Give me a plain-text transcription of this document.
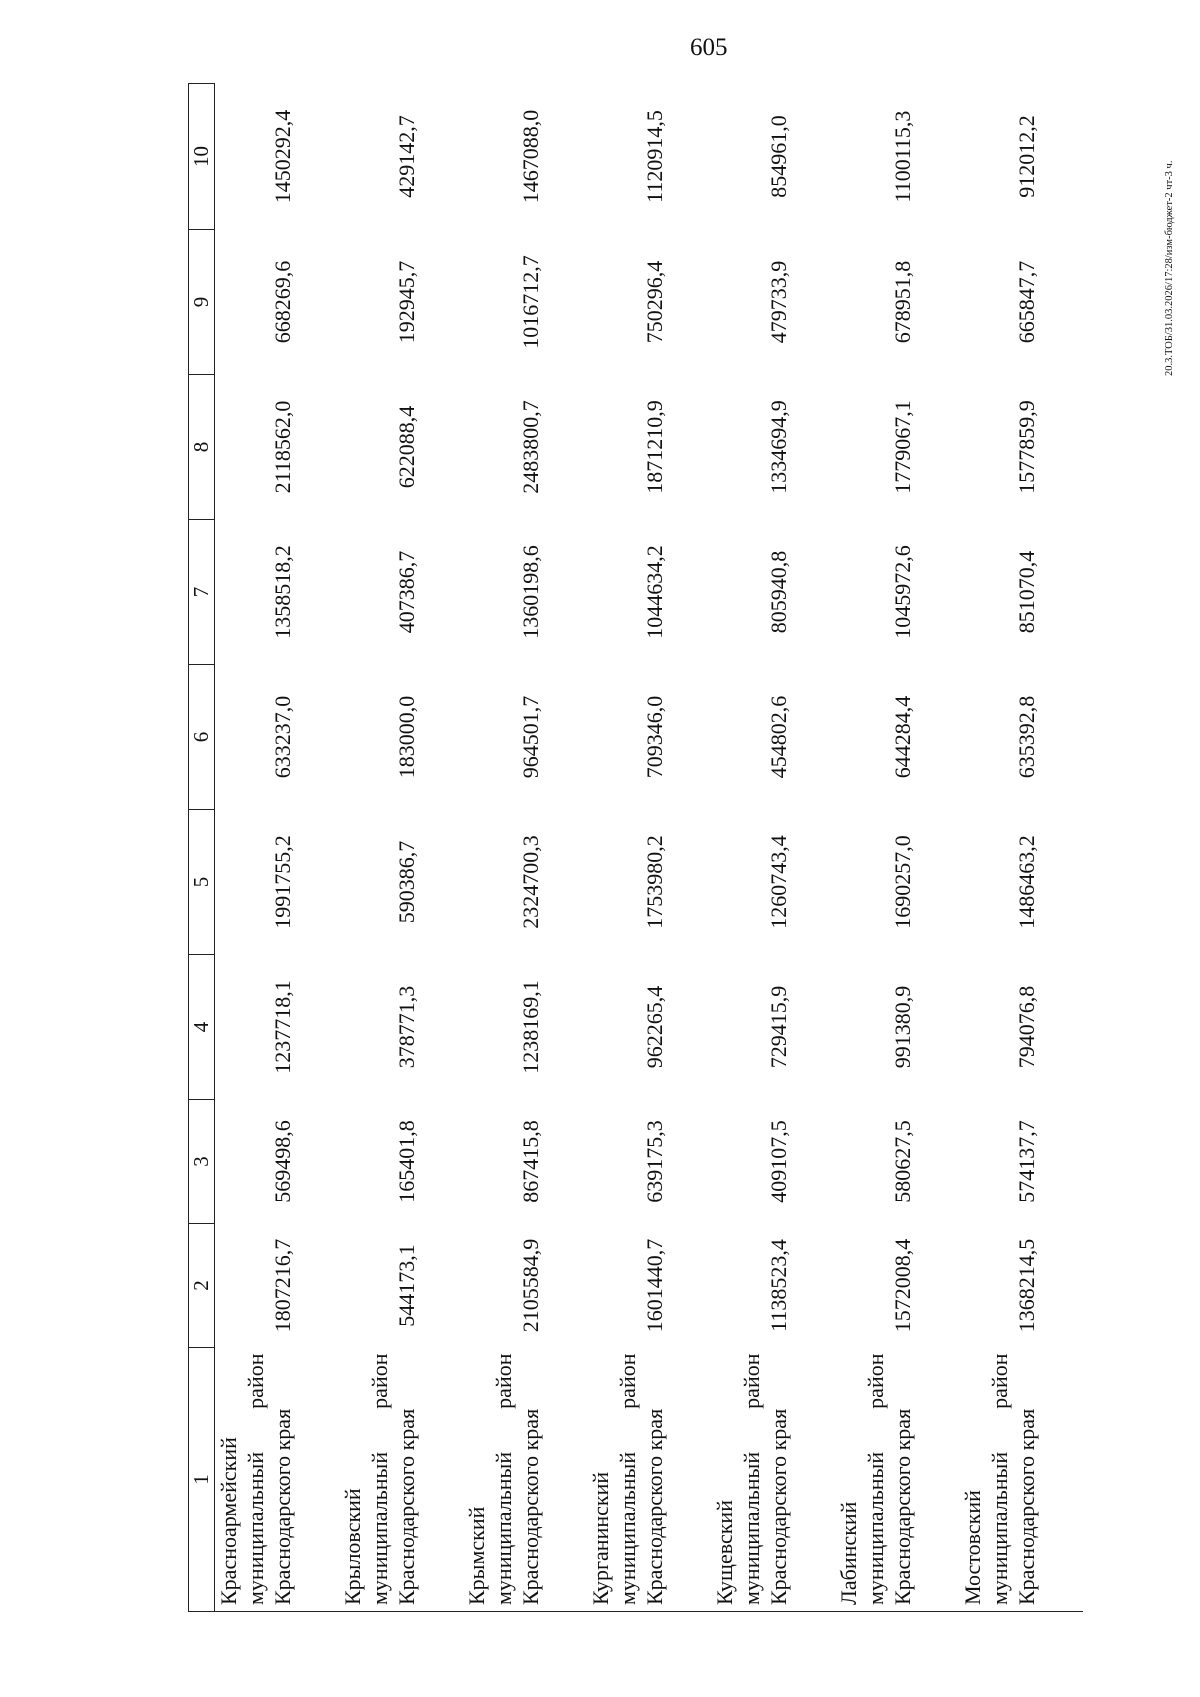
605
20.3.ТОБ/31.03.2026/17:28/изм-бюджет-2 чт-3 ч.
1	2	3	4	5	6	7	8	9	10
Красноармейский муниципальный район Краснодарского края	1807216,7	569498,6	1237718,1	1991755,2	633237,0	1358518,2	2118562,0	668269,6	1450292,4
Крыловский муниципальный район Краснодарского края	544173,1	165401,8	378771,3	590386,7	183000,0	407386,7	622088,4	192945,7	429142,7
Крымский муниципальный район Краснодарского края	2105584,9	867415,8	1238169,1	2324700,3	964501,7	1360198,6	2483800,7	1016712,7	1467088,0
Курганинский муниципальный район Краснодарского края	1601440,7	639175,3	962265,4	1753980,2	709346,0	1044634,2	1871210,9	750296,4	1120914,5
Кущевский муниципальный район Краснодарского края	1138523,4	409107,5	729415,9	1260743,4	454802,6	805940,8	1334694,9	479733,9	854961,0
Лабинский муниципальный район Краснодарского края	1572008,4	580627,5	991380,9	1690257,0	644284,4	1045972,6	1779067,1	678951,8	1100115,3
Мостовский муниципальный район Краснодарского края	1368214,5	574137,7	794076,8	1486463,2	635392,8	851070,4	1577859,9	665847,7	912012,2
